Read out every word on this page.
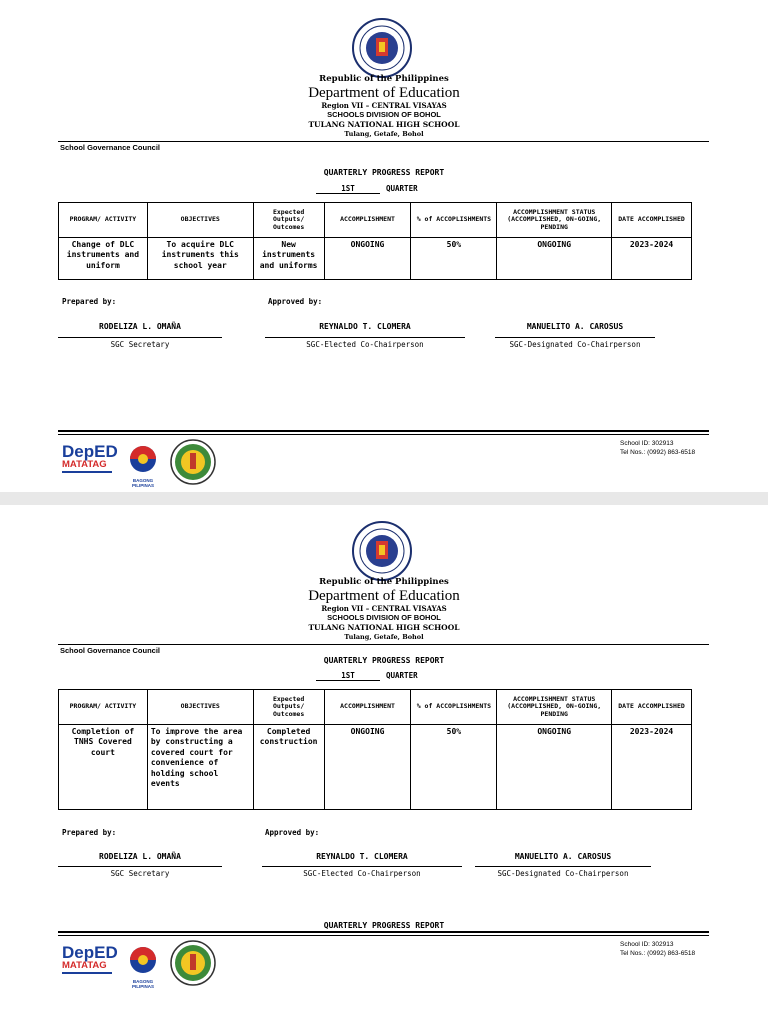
Republic of the Philippines
Department of Education
Region VII – CENTRAL VISAYAS
SCHOOLS DIVISION OF BOHOL
TULANG NATIONAL HIGH SCHOOL
Tulang, Getafe, Bohol
School Governance Council
QUARTERLY PROGRESS REPORT
1ST	QUARTER
PROGRAM/ ACTIVITY	OBJECTIVES	Expected Outputs/ Outcomes	ACCOMPLISHMENT	% of ACCOPLISHMENTS	ACCOMPLISHMENT STATUS (ACCOMPLISHED, ON-GOING, PENDING	DATE ACCOMPLISHED
Change of DLC instruments and uniform	To acquire DLC instruments this school year	New instruments and uniforms	ONGOING	50%	ONGOING	2023-2024
Prepared by:	Approved by:
RODELIZA L. OMAÑA
SGC Secretary
REYNALDO T. CLOMERA
SGC-Elected Co-Chairperson
MANUELITO A. CAROSUS
SGC-Designated Co-Chairperson
DepED
MATATAG
BAGONG PILIPINAS
School ID: 302913
Tel Nos.: (0992) 863-6518
Republic of the Philippines
Department of Education
Region VII – CENTRAL VISAYAS
SCHOOLS DIVISION OF BOHOL
TULANG NATIONAL HIGH SCHOOL
Tulang, Getafe, Bohol
School Governance Council
QUARTERLY PROGRESS REPORT
1ST	QUARTER
PROGRAM/ ACTIVITY	OBJECTIVES	Expected Outputs/ Outcomes	ACCOMPLISHMENT	% of ACCOPLISHMENTS	ACCOMPLISHMENT STATUS (ACCOMPLISHED, ON-GOING, PENDING	DATE ACCOMPLISHED
Completion of TNHS Covered court	To improve the area by constructing a covered court for convenience of holding school events	Completed construction	ONGOING	50%	ONGOING	2023-2024
Prepared by:	Approved by:
RODELIZA L. OMAÑA
SGC Secretary
REYNALDO T. CLOMERA
SGC-Elected Co-Chairperson
MANUELITO A. CAROSUS
SGC-Designated Co-Chairperson
QUARTERLY PROGRESS REPORT
DepED
MATATAG
BAGONG PILIPINAS
School ID: 302913
Tel Nos.: (0992) 863-6518
